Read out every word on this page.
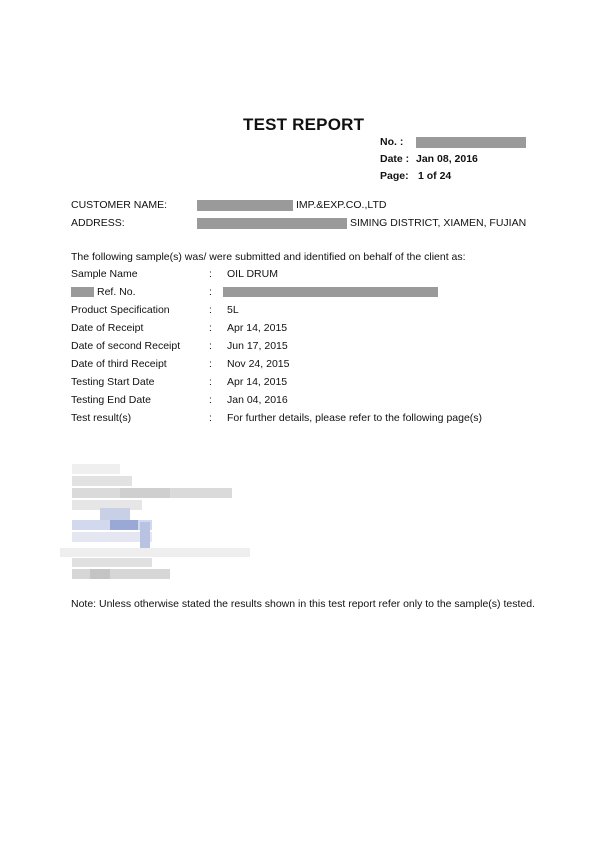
TEST REPORT
No. :
Date : Jan 08, 2016
Page: 1 of 24
CUSTOMER NAME:	IMP.&EXP.CO.,LTD
ADDRESS:	SIMING DISTRICT, XIAMEN, FUJIAN
The following sample(s) was/ were submitted and identified on behalf of the client as:
Sample Name	: OIL DRUM
Ref. No.	:
Product Specification	: 5L
Date of Receipt	: Apr 14, 2015
Date of second Receipt	: Jun 17, 2015
Date of third Receipt	: Nov 24, 2015
Testing Start Date	: Apr 14, 2015
Testing End Date	: Jan 04, 2016
Test result(s)	: For further details, please refer to the following page(s)
Note: Unless otherwise stated the results shown in this test report refer only to the sample(s) tested.
